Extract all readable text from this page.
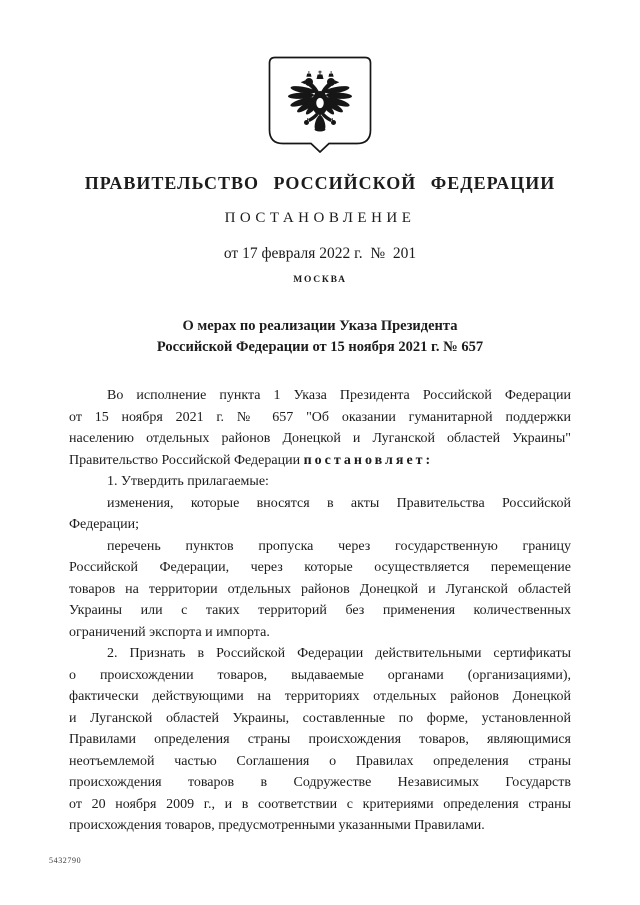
ПРАВИТЕЛЬСТВО РОССИЙСКОЙ ФЕДЕРАЦИИ
ПОСТАНОВЛЕНИЕ
от 17 февраля 2022 г.  №  201
МОСКВА
О мерах по реализации Указа Президента
Российской Федерации от 15 ноября 2021 г. № 657
Во исполнение пункта 1 Указа Президента Российской Федерации
от 15 ноября 2021 г. № 657 "Об оказании гуманитарной поддержки
населению отдельных районов Донецкой и Луганской областей Украины"
Правительство Российской Федерации постановляет:
1. Утвердить прилагаемые:
изменения, которые вносятся в акты Правительства Российской
Федерации;
перечень пунктов пропуска через государственную границу
Российской Федерации, через которые осуществляется перемещение
товаров на территории отдельных районов Донецкой и Луганской областей
Украины или с таких территорий без применения количественных
ограничений экспорта и импорта.
2. Признать в Российской Федерации действительными сертификаты
о происхождении товаров, выдаваемые органами (организациями),
фактически действующими на территориях отдельных районов Донецкой
и Луганской областей Украины, составленные по форме, установленной
Правилами определения страны происхождения товаров, являющимися
неотъемлемой частью Соглашения о Правилах определения страны
происхождения товаров в Содружестве Независимых Государств
от 20 ноября 2009 г., и в соответствии с критериями определения страны
происхождения товаров, предусмотренными указанными Правилами.
5432790
